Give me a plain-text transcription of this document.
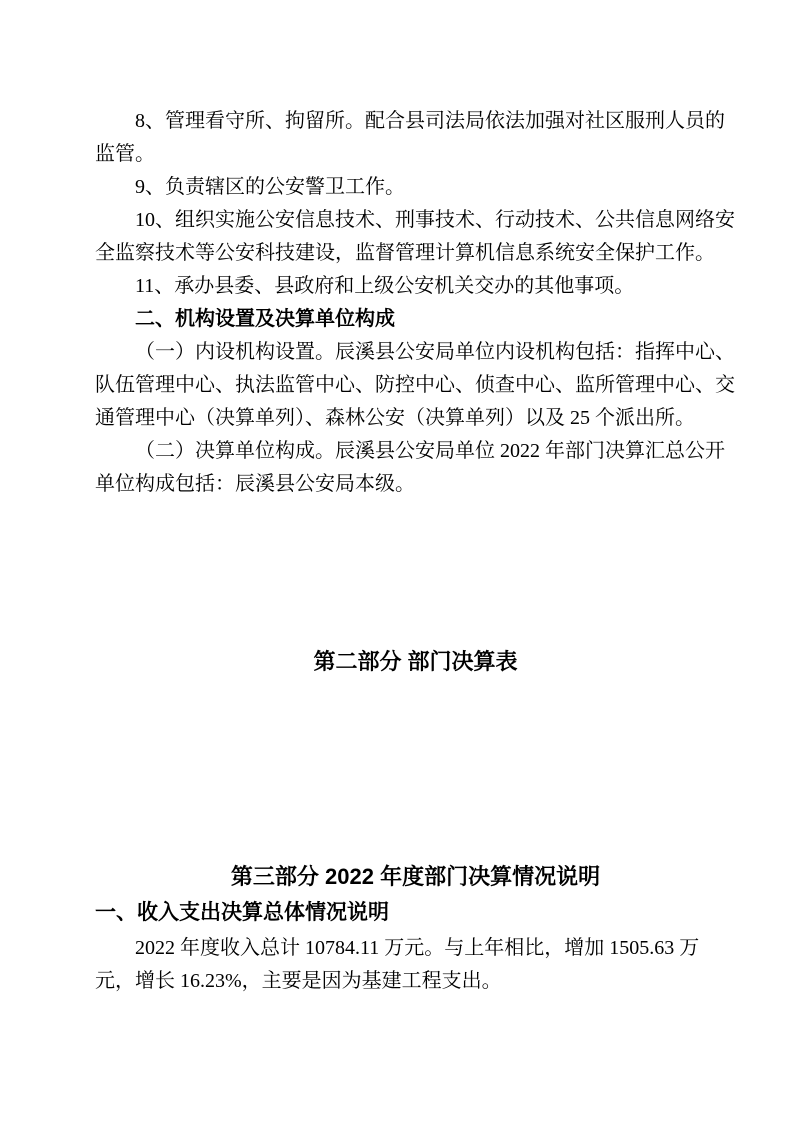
8、管理看守所、拘留所。配合县司法局依法加强对社区服刑人员的
监管。
9、负责辖区的公安警卫工作。
10、组织实施公安信息技术、刑事技术、行动技术、公共信息网络安
全监察技术等公安科技建设，监督管理计算机信息系统安全保护工作。
11、承办县委、县政府和上级公安机关交办的其他事项。
二、机构设置及决算单位构成
（一）内设机构设置。辰溪县公安局单位内设机构包括：指挥中心、
队伍管理中心、执法监管中心、防控中心、侦查中心、监所管理中心、交
通管理中心（决算单列）、森林公安（决算单列）以及 25 个派出所。
（二）决算单位构成。辰溪县公安局单位 2022 年部门决算汇总公开
单位构成包括：辰溪县公安局本级。
第二部分 部门决算表
第三部分 2022 年度部门决算情况说明
一、收入支出决算总体情况说明
2022 年度收入总计 10784.11 万元。与上年相比，增加 1505.63 万
元，增长 16.23%，主要是因为基建工程支出。
